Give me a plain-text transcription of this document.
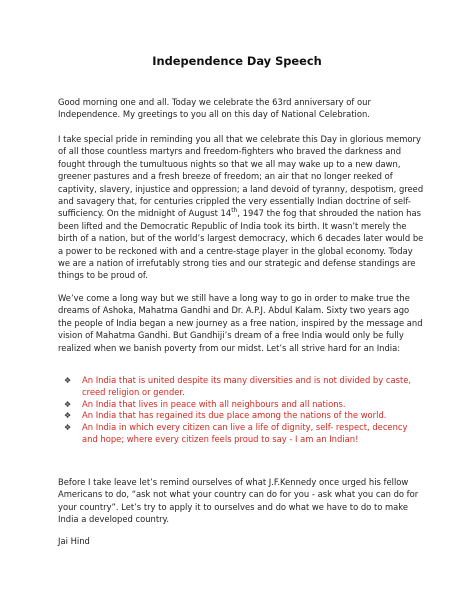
Independence Day Speech

Good morning one and all. Today we celebrate the 63rd anniversary of our Independence. My greetings to you all on this day of National Celebration.

I take special pride in reminding you all that we celebrate this Day in glorious memory of all those countless martyrs and freedom-fighters who braved the darkness and fought through the tumultuous nights so that we all may wake up to a new dawn, greener pastures and a fresh breeze of freedom; an air that no longer reeked of captivity, slavery, injustice and oppression; a land devoid of tyranny, despotism, greed and savagery that, for centuries crippled the very essentially Indian doctrine of self-sufficiency. On the midnight of August 14th, 1947 the fog that shrouded the nation has been lifted and the Democratic Republic of India took its birth. It wasn’t merely the birth of a nation, but of the world’s largest democracy, which 6 decades later would be a power to be reckoned with and a centre-stage player in the global economy. Today we are a nation of irrefutably strong ties and our strategic and defense standings are things to be proud of.

We’ve come a long way but we still have a long way to go in order to make true the dreams of Ashoka, Mahatma Gandhi and Dr. A.P.J. Abdul Kalam. Sixty two years ago the people of India began a new journey as a free nation, inspired by the message and vision of Mahatma Gandhi. But Gandhiji’s dream of a free India would only be fully realized when we banish poverty from our midst. Let’s all strive hard for an India:

❖ An India that is united despite its many diversities and is not divided by caste, creed religion or gender.
❖ An India that lives in peace with all neighbours and all nations.
❖ An India that has regained its due place among the nations of the world.
❖ An India in which every citizen can live a life of dignity, self- respect, decency and hope; where every citizen feels proud to say - I am an Indian!

Before I take leave let’s remind ourselves of what J.F.Kennedy once urged his fellow Americans to do, “ask not what your country can do for you - ask what you can do for your country”. Let’s try to apply it to ourselves and do what we have to do to make India a developed country.

Jai Hind
